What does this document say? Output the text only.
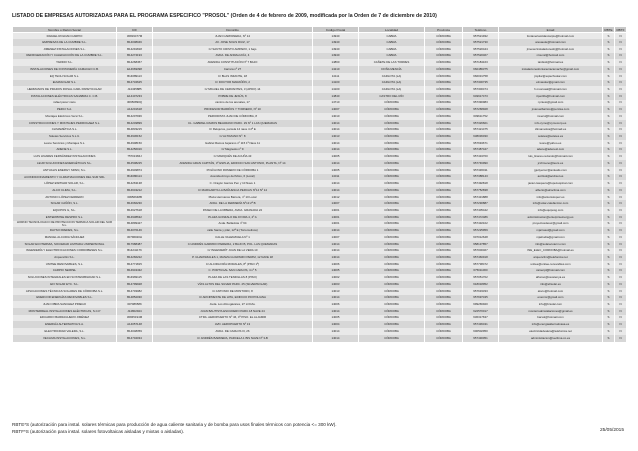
LISTADO DE EMPRESAS AUTORIZADAS PARA EL PROGRAMA ESPECÍFICO "PROSOL" (Orden de 4 de febrero de 2009, modificada por la Orden de 7 de diciembre de 2010)
Nombre o Razón Social	CIF	Domicilio	Código Postal	Localidad	Provincia	Teléfono	Email	RBTE	RBTF
RAFAEL ROLDAN CARPIO	30819477M	JUAN CARPANEDA, Nº 14	14940	CABRA	CÓRDOBA	957521932	fontaneriaroldancarpio@hotmail.com	S	N
EMPRESAS DE LA CUMBRE S.L.	B14008046	AV. JOSE SOLIS RUIZ, 17	14940	CABRA	CÓRDOBA	957521730	aresaude@hotmail.com	S	N
JIMENEZ INSTALACIONES S.L.	B14291818	C/ SANTO CRISTO AMPARO, 1 bajo	14940	CABRA	CÓRDOBA	957520444	jimenezinstalacionesbj@hotmail.com	S	N
REFRIGERACIÓN Y CALEFACCIÓN DE LA CUMBRE S.L.	B14274193	AVDA. DE ANDALUCÍA, 4	14940	CABRA	CÓRDOBA	957520467	rcsunsl@hotmail.com	S	N
TARDIO S.L.	B14268457	AVENIDA CONSTITUCIÓN Nº 7 BAJO	14860	CAÑETE DE LAS TORRES	CÓRDOBA	957184163	tardiosl@hotmail.es	S	N
INSTALACIONES DE FONTANERÍA CAMACHO C.B.	E14669398	Carrera nº 27	14210	DOÑA MENCÍA	CÓRDOBA	660486375	instalacionesfontaneriacamacho@gmail.com	S	N
EQ TECH SOLAR S.L.	B14689113	C/ BLAS INFANTE, 18	14111	CARLOTA (LA)	CÓRDOBA	666031758	jmpilar@eqtechsolar.com	S	N
ELMASOLAR S.L.	B14734625	C/ DOCTOR MARAÑÓN, 2	14100	CARLOTA (LA)	CÓRDOBA	957300735	elmasolar@gmail.com	S	N
HERMANOS DE PRADOS ROSAL CARL PAPETICULAR	J14435885	C/ MIGUEL DE CERVANTES, 3 (APDO) 14	14100	CARLOTA (LA)	CÓRDOBA	957300474	h.mosrosal@hotmail.com	S	N
INSTALACIONES ELÉCTRICAS SANABRIA C. C.B.	E14407233	POBRE DE JESÚS, 8	14840	CASTRO DEL RÍO	CÓRDOBA	649917473	i.lpertillo@hotmail.com	S	N
rafael pérez nieto	30950890Q	camino de los arenales, 17	14710	CÓRDOBA	CÓRDOBA	957390983	r.pnieto@gmail.com	S	N
PERCI S.A.	A14201618	PROFESOR BARRÍOS Y TORNERO, Nº 10	14007	CÓRDOBA	CÓRDOBA	957268928	jmanuelbarrios@percisa.com	S	N
Montajes Eléctricos Versi S.L.	B14207936	PERIODISTA JUAN DE CÓRDOBA, 8	14010	CÓRDOBA	CÓRDOBA	609611752	mversi@hotmail.com	S	N
CONSTRUCCIONES Y MONTAJES PEDROGAEZ S.L.	B14249899	CL. GABRIEL RAMOS BEJARANO PARC. 29 Nº 1 LAS QUEMADAS	14014	CÓRDOBA	CÓRDOBA	957326601	info.cymo@cymocorp.es	S	N
CLIMAMÉTICA S.L.	B14833215	C/ Relojeros, parcela 14 nave 4 2ª E	14014	CÓRDOBA	CÓRDOBA	957421475	climametica@hotmail.es	S	N
Soletes Servicios S.L.U.	B14936152	C/ ALTOZANO Nº. 8	14013	CÓRDOBA	CÓRDOBA	638036030	soletes@soletes.es	S	N
Leone Servicios y Montajes S.L.	B14908150	Gabriel Ramos bejarano nº 115 1ª Nave 11	14014	CÓRDOBA	CÓRDOBA	957694671	leone@yahoo.es	S	N
ADENE S.L.	B14256016	C/ Magnesio nº 9	14014	CÓRDOBA	CÓRDOBA	957487447	adene@adenesl.com	S	N
LUIS LINARES FERNÁNDEZ INSTALACIONES	75701384J	C/ MARQUÉS DE ACUÑA 43	14005	CÓRDOBA	CÓRDOBA	957434700	luis_linares-redondo@hotmail.com	S	N
LEUR SOLUCIONES ENERGÉTICAS S.L.	B14508225	AVENIDA GRAN CAPITÁN, 3º ESPLIA, EDIFICIO SAN ANTONIO, PLANTA, Nº 14	14014	CÓRDOBA	CÓRDOBA	957746990	jcchmeno@leurs.es	S	N
ANTUALIS ENERGY SPAIN, S.L.	B14949874	POLÍGONO ROMERO DE CÓRDOBA 1	14005	CÓRDOBA	CÓRDOBA	957436011	jgutiyerrez@antualis.com	S	N
ACONDICIONAMIENTO Y CLIMATIZACIONES DEL SUR SRL	B14680114	Avenida Arroyo del Moro, 6 (Local)	14011	CÓRDOBA	CÓRDOBA	957388143	acclisol@acclisol.es	S	N
LÓPEZ ESPINAR SOLAR, S.L.	B14263138	C. Oragón Garcés Pen y 10 Nave 1	14014	CÓRDOBA	CÓRDOBA	957492818	javier.casquero@lopezespinar.com	S	N
ALCO CLIMA, S.L.	B14643212	C/ MARGARITA LA BAÑUESCA PERCAS Nº14 Nº 14	14014	CÓRDOBA	CÓRDOBA	957752838	alberto@alcoclima.com	S	N
ANTONIO LÓPEZ FERRERO	30956648B	Plaza Hermanos Barrera, nº 10 Local	14012	CÓRDOBA	CÓRDOBA	957431888	info@antoniolopez.es	S	N
SOLAR CAÑÓN, S.L.	B14666230	AVDA. DE LA FERRERÍA Nº13 2ª B	14007	CÓRDOBA	CÓRDOBA	957290887	info@solar-calefaccion.com	S	N
EQUIPOS G, S.L.	B14627618	PASEO DE LA RIBERA, AVDA. GRANADA 22	14001	CÓRDOBA	CÓRDOBA	957405442	info@equiposg.com	S	N
ENTERPRISE RESPRO S.L.	B14938632	PLAZA GONZALO DE AYORA 4, 4º A	14001	CÓRDOBA	CÓRDOBA	957472486	administracion@enterpriseinergy.es	S	N
HORNO TECNOLÓGICO DE PROTECCIÓN TÉRMICA SOLAR DEL SUR S.L.	B14899427	Avda. Bellavista nº 64	14001	CÓRDOBA	CÓRDOBA	957432102	proyectosdesur@gmail.com	S	N
DAYSO FREDES, S.L.	B14070146	calle Santa y pilar, 12ª E (Torremolinos)	14014	CÓRDOBA	CÓRDOBA	957225959	mjarrasol@gmail.com	S	N
MANUEL ALCUDIA SÁNCHEZ	30796020H	CALLE VALENZUELA Nº 1	14007	CÓRDOBA	CÓRDOBA	607012648	mjalcudia@gmail.com	S	N
SOLAR ECOTERMIA, SOCIEDAD LIMITADA UNIPERSONAL	B17988487	C/ ANDRÉS GARRIDO PEREIRA, 2 BAJO B, POL. LAS QUEMADAS	14014	CÓRDOBA	CÓRDOBA	958137857	info@solarecoterm.com	S	N
INGENIERÍA Y ELECTRIFICACIONES CORDOBESES S.L.	B14241176	C/ INGENIERÍT JUAN DE LA VERA 10	14014	CÓRDOBA	CÓRDOBA	957000467	INE_ELEC_CORDOBA@hotmail.es	S	N
Arquenclim S.L.	B14266222	P. GUARNIZALES 1, MANZA GUARNIZO PERIM, 12 NAVE 18	14014	CÓRDOBA	CÓRDOBA	957460918	arquenclim@telefonica.net	S	N
UNITEE RENOVABLES, S.L.	B14771815	C/ ALCIRA FRÍA MORALES, 8º (PISO 1ª)	14006	CÓRDOBA	CÓRDOBA	957738472	unitee@unitee-renovables.com	S	N
CARPIO SERPEL	B14943432	C. PORTUGAL SAN CARLOS, 4 nº 5	14005	CÓRDOBA	CÓRDOBA	675011060	carserpl@hotmail.com	S	N
SOLUCIONES INTEGRALES EN SOSTENIBILIDAD S.L.	B14969115	PLAZA DE LAS TENDILLAS 8 (PISO)	14002	CÓRDOBA	CÓRDOBA	957051702	alfonso@ssostenya.es	S	N
EFI SOLAR ETC. S.L.	B14799928	VÍAS ALTOS DEL SILVER PARC. 25 (SILVERSOLAR)	14003	CÓRDOBA	CÓRDOBA	618018952	info@efisolar.es	S	N
APLICACIONES TÉCNICAS SOLARES DE CÓRDOBA S.L.	B14703082	C/ ANTONIO DE MONTORO, 8	14013	CÓRDOBA	CÓRDOBA	957633333	atsco@hotmail.com	S	N
ENERCOR ENERGÍAS RENOVABLES S.L.	B14852030	C/ ARCIPRESTE DE HITA, EDIFICIO PAYPOLIANA	14014	CÓRDOBA	CÓRDOBA	957697435	enercor@gmail.com	S	N
JUAN OBRA SANCHEZ PRIEGO	30708658K	Avda. Los Almogávares, 27 LOCAL	14006	CÓRDOBA	CÓRDOBA	699266920	info@jbrsolar.com	S	N
MONTERREAL INSTALACIONES ELÉCTRICAS, S.C.P	J14802944	JUAN BAUTISTA ESCUDERO PARC.18 NAVE 24	14014	CÓRDOBA	CÓRDOBA	622570017	monterrealinstalaciones@gmail.es	S	N
EDUARDO BARRAGUERO JIMÉNEZ	30845194M	CTRA. AEROPUERTO Nº 46, 4ª PISO. EL ALJAMIR	14005	CÓRDOBA	CÓRDOBA	636317637	barsol@hotmail.com	S	N
ENERGÍA ALTERNATIVA S.A.	A14057148	AVD. AEROPUERTO Nº 13	14004	CÓRDOBA	CÓRDOBA	957436431	info@energiaalternativasa.es	S	N
ELECTRICIDAD VALERA, S.L.	B14048359	AVDA. DE CARLOS III, 26	14014	CÓRDOBA	CÓRDOBA	600502950	electricidadvalera@telefonica.net	S	N
VECLIMA INSTALACIONES, S.L.	B14704034	C/ ANDRÉS BARRERA, PARCELA 1 BIS NAVE Nº 3-B	14014	CÓRDOBA	CÓRDOBA	957430051	administracion@veclima.co.es	S	N
RBTE*S (autorización para instal. solares térmicas para producción de agua caliente sanitaria y de bomba para usos finales térmicos con potencia <= 300 kW).
RBTF*S (autorización para instal. solares fotovoltaicas aisladas y mixtas o aisladas).	25/05/2015
